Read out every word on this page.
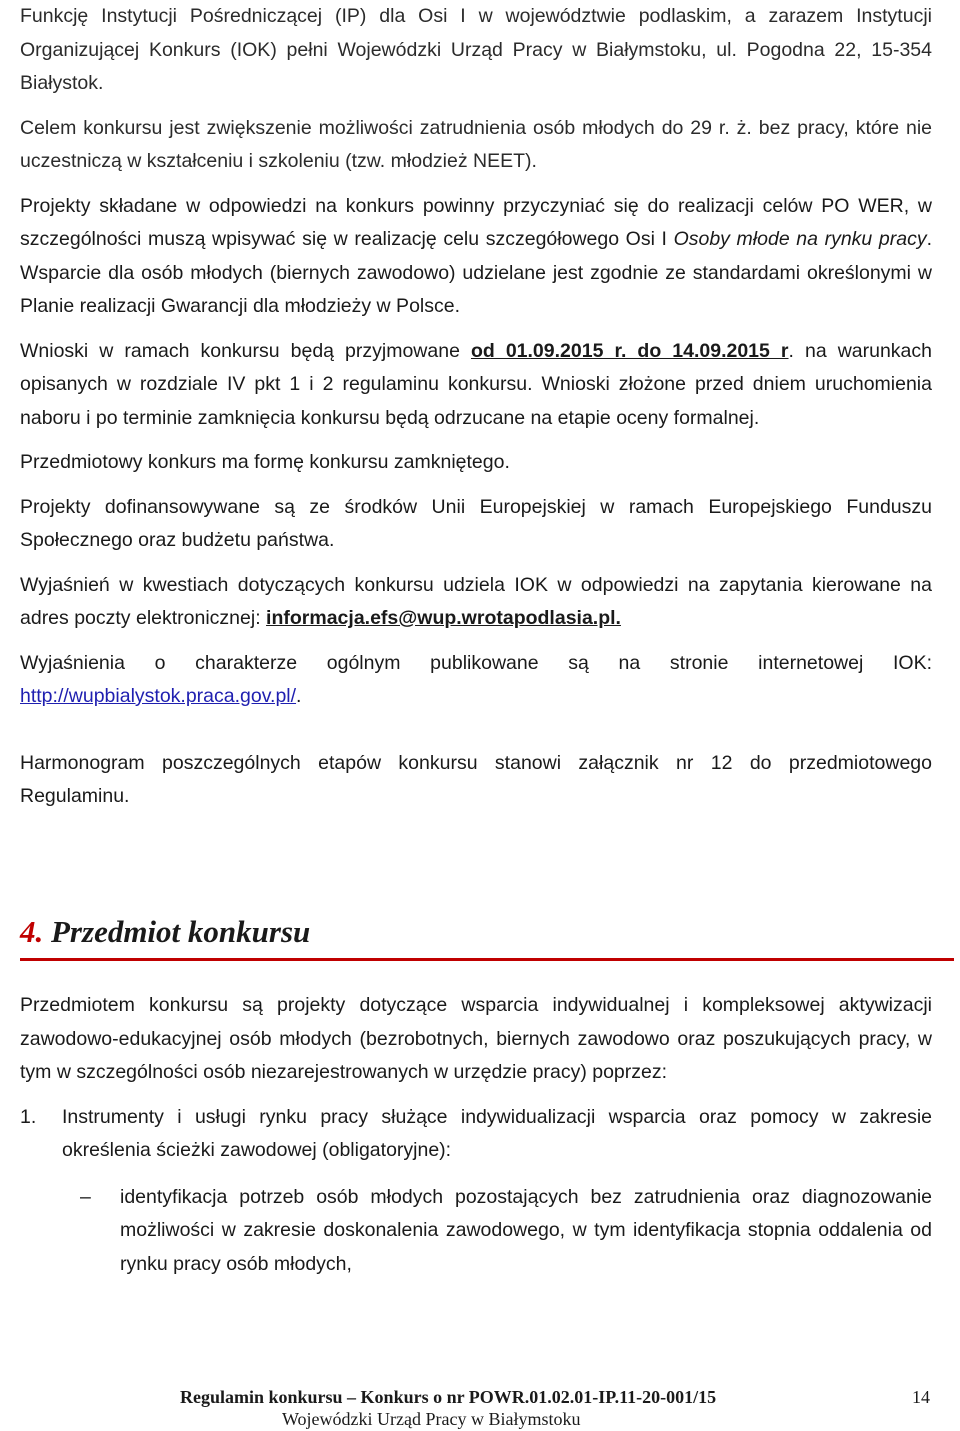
Funkcję Instytucji Pośredniczącej (IP) dla Osi I w województwie podlaskim, a zarazem Instytucji Organizującej Konkurs (IOK) pełni Wojewódzki Urząd Pracy w Białymstoku, ul. Pogodna 22, 15-354 Białystok.

Celem konkursu jest zwiększenie możliwości zatrudnienia osób młodych do 29 r. ż. bez pracy, które nie uczestniczą w kształceniu i szkoleniu (tzw. młodzież NEET).

Projekty składane w odpowiedzi na konkurs powinny przyczyniać się do realizacji celów PO WER, w szczególności muszą wpisywać się w realizację celu szczegółowego Osi I Osoby młode na rynku pracy. Wsparcie dla osób młodych (biernych zawodowo) udzielane jest zgodnie ze standardami określonymi w Planie realizacji Gwarancji dla młodzieży w Polsce.

Wnioski w ramach konkursu będą przyjmowane od 01.09.2015 r. do 14.09.2015 r. na warunkach opisanych w rozdziale IV pkt 1 i 2 regulaminu konkursu. Wnioski złożone przed dniem uruchomienia naboru i po terminie zamknięcia konkursu będą odrzucane na etapie oceny formalnej.

Przedmiotowy konkurs ma formę konkursu zamkniętego.

Projekty dofinansowywane są ze środków Unii Europejskiej w ramach Europejskiego Funduszu Społecznego oraz budżetu państwa.

Wyjaśnień w kwestiach dotyczących konkursu udziela IOK w odpowiedzi na zapytania kierowane na adres poczty elektronicznej: informacja.efs@wup.wrotapodlasia.pl.

Wyjaśnienia o charakterze ogólnym publikowane są na stronie internetowej IOK: http://wupbialystok.praca.gov.pl/.

Harmonogram poszczególnych etapów konkursu stanowi załącznik nr 12 do przedmiotowego Regulaminu.

4. Przedmiot konkursu

Przedmiotem konkursu są projekty dotyczące wsparcia indywidualnej i kompleksowej aktywizacji zawodowo-edukacyjnej osób młodych (bezrobotnych, biernych zawodowo oraz poszukujących pracy, w tym w szczególności osób niezarejestrowanych w urzędzie pracy) poprzez:

1. Instrumenty i usługi rynku pracy służące indywidualizacji wsparcia oraz pomocy w zakresie określenia ścieżki zawodowej (obligatoryjne):

– identyfikacja potrzeb osób młodych pozostających bez zatrudnienia oraz diagnozowanie możliwości w zakresie doskonalenia zawodowego, w tym identyfikacja stopnia oddalenia od rynku pracy osób młodych,

Regulamin konkursu – Konkurs o nr POWR.01.02.01-IP.11-20-001/15
Wojewódzki Urząd Pracy w Białymstoku
14
